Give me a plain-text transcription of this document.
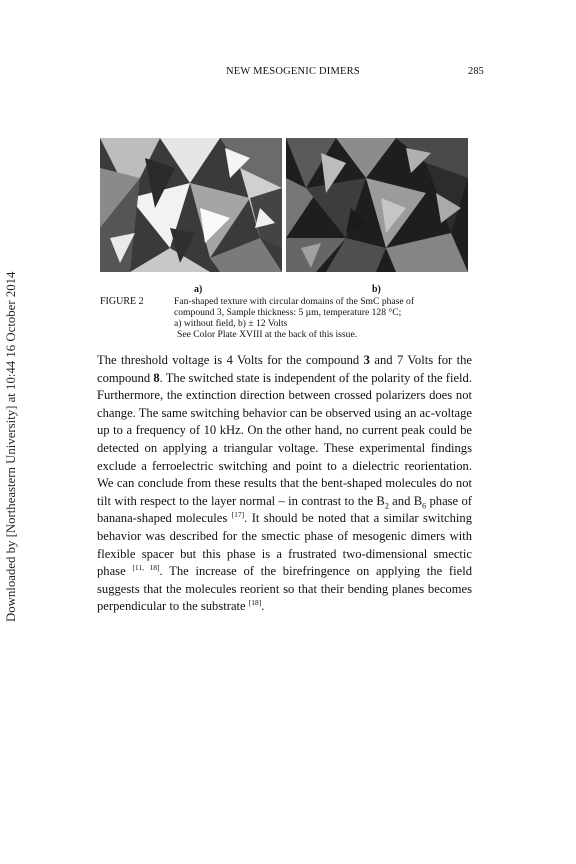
NEW MESOGENIC DIMERS	285
Downloaded by [Northeastern University] at 10:44 16 October 2014	a)	b)
FIGURE 2	Fan-shaped texture with circular domains of the SmC phase of
compound 3, Sample thickness: 5 µm, temperature 128 °C;
a) without field, b) ± 12 Volts
See Color Plate XVIII at the back of this issue.
The threshold voltage is 4 Volts for the compound 3 and 7 Volts for the compound 8. The switched state is independent of the polarity of the field. Furthermore, the extinction direction between crossed polarizers does not change. The same switching behavior can be observed using an ac-voltage up to a frequency of 10 kHz. On the other hand, no current peak could be detected on applying a triangular voltage. These experimental findings exclude a ferroelectric switching and point to a dielectric reorientation. We can conclude from these results that the bent-shaped molecules do not tilt with respect to the layer normal – in contrast to the $B_2$ and $B_6$ phase of banana-shaped molecules [17]. It should be noted that a similar switching behavior was described for the smectic phase of mesogenic dimers with flexible spacer but this phase is a frustrated two-dimensional smectic phase [11, 18]. The increase of the birefringence on applying the field suggests that the molecules reorient so that their bending planes becomes perpendicular to the substrate [18].
